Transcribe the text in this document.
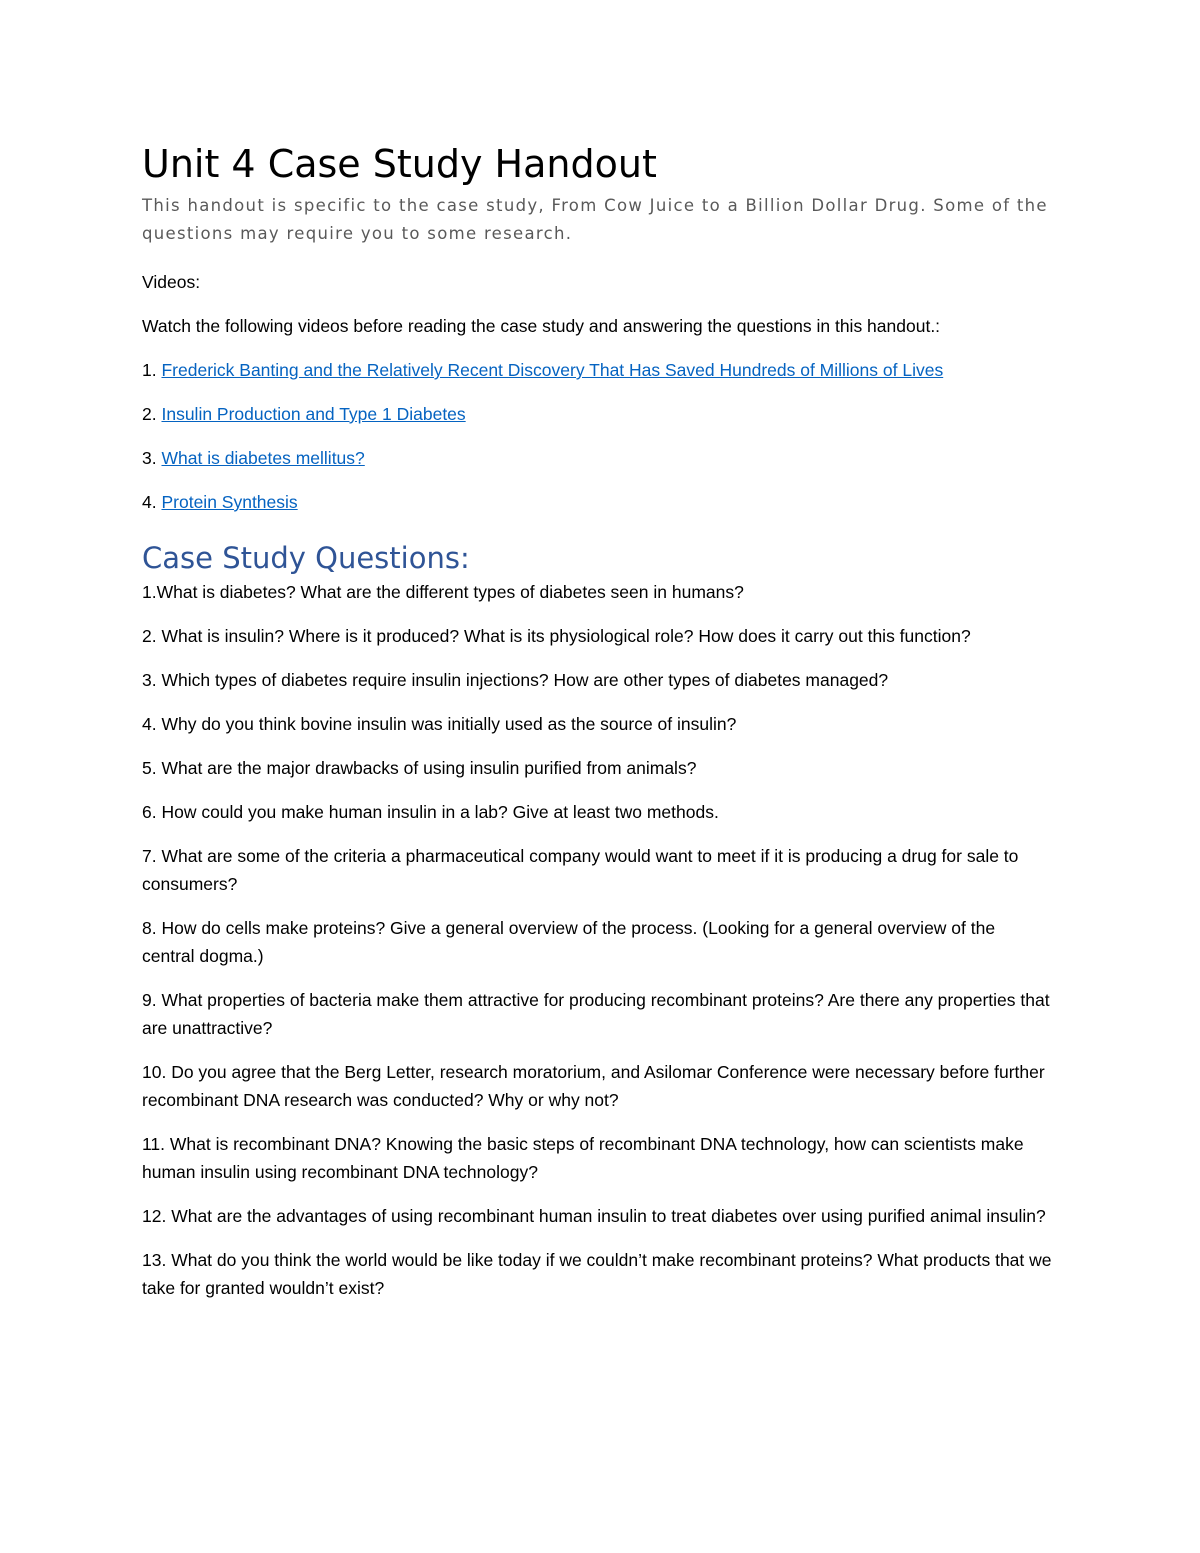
Unit 4 Case Study Handout

This handout is specific to the case study, From Cow Juice to a Billion Dollar Drug. Some of the questions may require you to some research.

Videos:

Watch the following videos before reading the case study and answering the questions in this handout.:

1. Frederick Banting and the Relatively Recent Discovery That Has Saved Hundreds of Millions of Lives

2. Insulin Production and Type 1 Diabetes

3. What is diabetes mellitus?

4. Protein Synthesis

Case Study Questions:

1.What is diabetes? What are the different types of diabetes seen in humans?

2. What is insulin? Where is it produced? What is its physiological role? How does it carry out this function?

3. Which types of diabetes require insulin injections? How are other types of diabetes managed?

4. Why do you think bovine insulin was initially used as the source of insulin?

5. What are the major drawbacks of using insulin purified from animals?

6. How could you make human insulin in a lab? Give at least two methods.

7. What are some of the criteria a pharmaceutical company would want to meet if it is producing a drug for sale to consumers?

8. How do cells make proteins? Give a general overview of the process. (Looking for a general overview of the central dogma.)

9. What properties of bacteria make them attractive for producing recombinant proteins? Are there any properties that are unattractive?

10. Do you agree that the Berg Letter, research moratorium, and Asilomar Conference were necessary before further recombinant DNA research was conducted? Why or why not?

11. What is recombinant DNA? Knowing the basic steps of recombinant DNA technology, how can scientists make human insulin using recombinant DNA technology?

12. What are the advantages of using recombinant human insulin to treat diabetes over using purified animal insulin?

13. What do you think the world would be like today if we couldn’t make recombinant proteins? What products that we take for granted wouldn’t exist?
